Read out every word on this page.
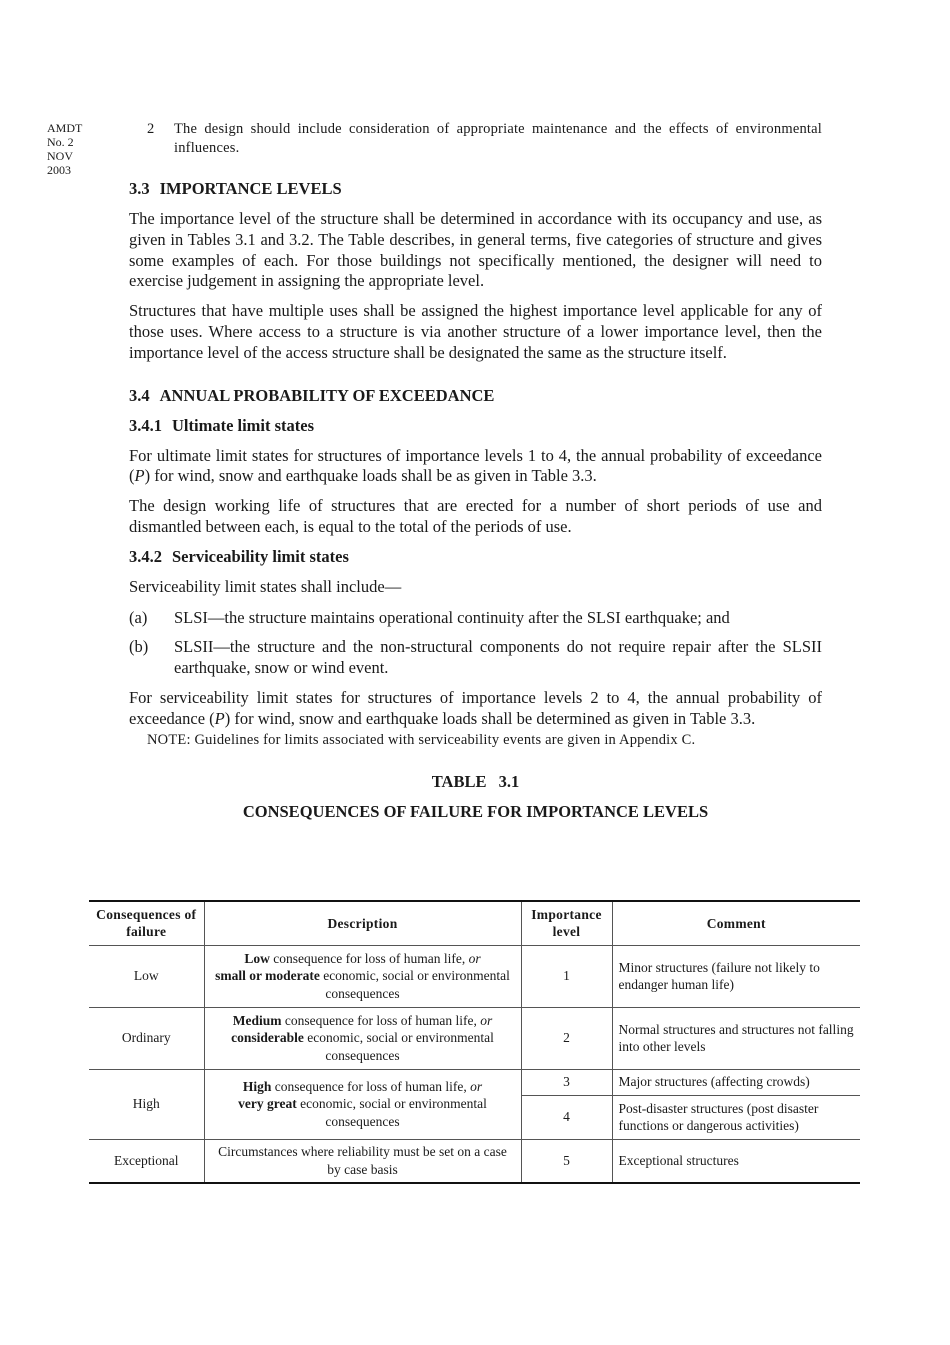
AMDT
No. 2
NOV
2003
2 The design should include consideration of appropriate maintenance and the effects of environmental influences.
3.3 IMPORTANCE LEVELS

The importance level of the structure shall be determined in accordance with its occupancy and use, as given in Tables 3.1 and 3.2. The Table describes, in general terms, five categories of structure and gives some examples of each. For those buildings not specifically mentioned, the designer will need to exercise judgement in assigning the appropriate level.

Structures that have multiple uses shall be assigned the highest importance level applicable for any of those uses. Where access to a structure is via another structure of a lower importance level, then the importance level of the access structure shall be designated the same as the structure itself.

3.4 ANNUAL PROBABILITY OF EXCEEDANCE
3.4.1 Ultimate limit states

For ultimate limit states for structures of importance levels 1 to 4, the annual probability of exceedance (P) for wind, snow and earthquake loads shall be as given in Table 3.3.

The design working life of structures that are erected for a number of short periods of use and dismantled between each, is equal to the total of the periods of use.

3.4.2 Serviceability limit states

Serviceability limit states shall include—

(a) SLSI—the structure maintains operational continuity after the SLSI earthquake; and
(b) SLSII—the structure and the non-structural components do not require repair after the SLSII earthquake, snow or wind event.

For serviceability limit states for structures of importance levels 2 to 4, the annual probability of exceedance (P) for wind, snow and earthquake loads shall be determined as given in Table 3.3.

NOTE: Guidelines for limits associated with serviceability events are given in Appendix C.
TABLE 3.1
CONSEQUENCES OF FAILURE FOR IMPORTANCE LEVELS
Consequences of failure	Description	Importance level	Comment
Low	Low consequence for loss of human life, or
small or moderate economic, social or environmental consequences	1	Minor structures (failure not likely to endanger human life)
Ordinary	Medium consequence for loss of human life, or
considerable economic, social or environmental consequences	2	Normal structures and structures not falling into other levels
High	High consequence for loss of human life, or
very great economic, social or environmental consequences	3	Major structures (affecting crowds)
		4	Post-disaster structures (post disaster functions or dangerous activities)
Exceptional	Circumstances where reliability must be set on a case by case basis	5	Exceptional structures
